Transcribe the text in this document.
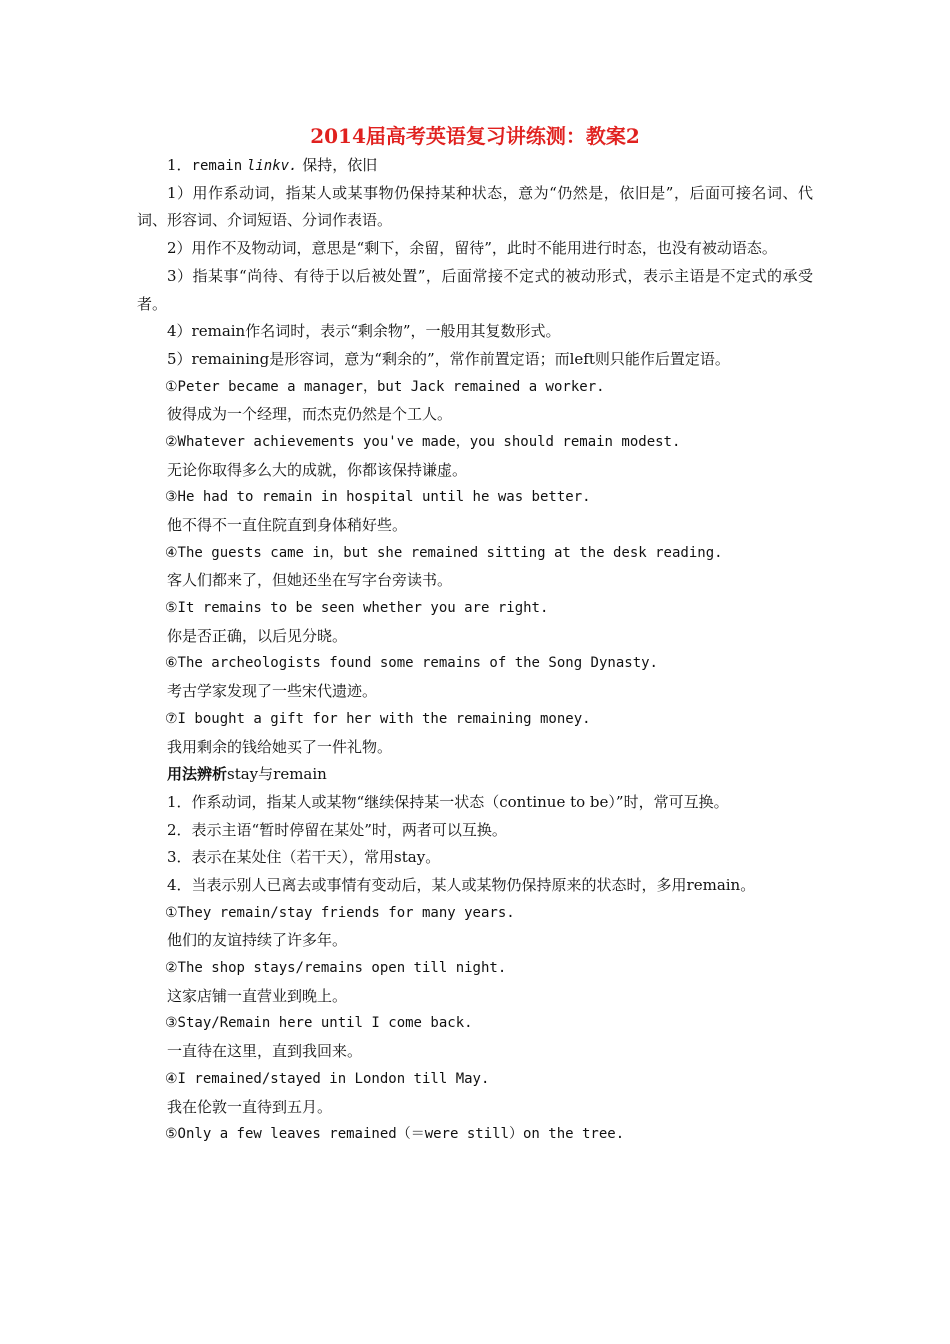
2014届高考英语复习讲练测：教案2
1．remain linkv. 保持，依旧
1）用作系动词，指某人或某事物仍保持某种状态，意为“仍然是，依旧是”，后面可接名词、代词、形容词、介词短语、分词作表语。
2）用作不及物动词，意思是“剩下，余留，留待”，此时不能用进行时态，也没有被动语态。
3）指某事“尚待、有待于以后被处置”，后面常接不定式的被动形式，表示主语是不定式的承受者。
4）remain作名词时，表示“剩余物”，一般用其复数形式。
5）remaining是形容词，意为“剩余的”，常作前置定语；而left则只能作后置定语。
①Peter became a manager，but Jack remained a worker.
彼得成为一个经理，而杰克仍然是个工人。
②Whatever achievements you've made，you should remain modest.
无论你取得多么大的成就，你都该保持谦虚。
③He had to remain in hospital until he was better.
他不得不一直住院直到身体稍好些。
④The guests came in，but she remained sitting at the desk reading.
客人们都来了，但她还坐在写字台旁读书。
⑤It remains to be seen whether you are right.
你是否正确，以后见分晓。
⑥The archeologists found some remains of the Song Dynasty.
考古学家发现了一些宋代遗迹。
⑦I bought a gift for her with the remaining money.
我用剩余的钱给她买了一件礼物。
用法辨析stay与remain
1．作系动词，指某人或某物“继续保持某一状态（continue to be）”时，常可互换。
2．表示主语“暂时停留在某处”时，两者可以互换。
3．表示在某处住（若干天），常用stay。
4．当表示别人已离去或事情有变动后，某人或某物仍保持原来的状态时，多用remain。
①They remain/stay friends for many years.
他们的友谊持续了许多年。
②The shop stays/remains open till night.
这家店铺一直营业到晚上。
③Stay/Remain here until I come back.
一直待在这里，直到我回来。
④I remained/stayed in London till May.
我在伦敦一直待到五月。
⑤Only a few leaves remained（＝were still）on the tree.
